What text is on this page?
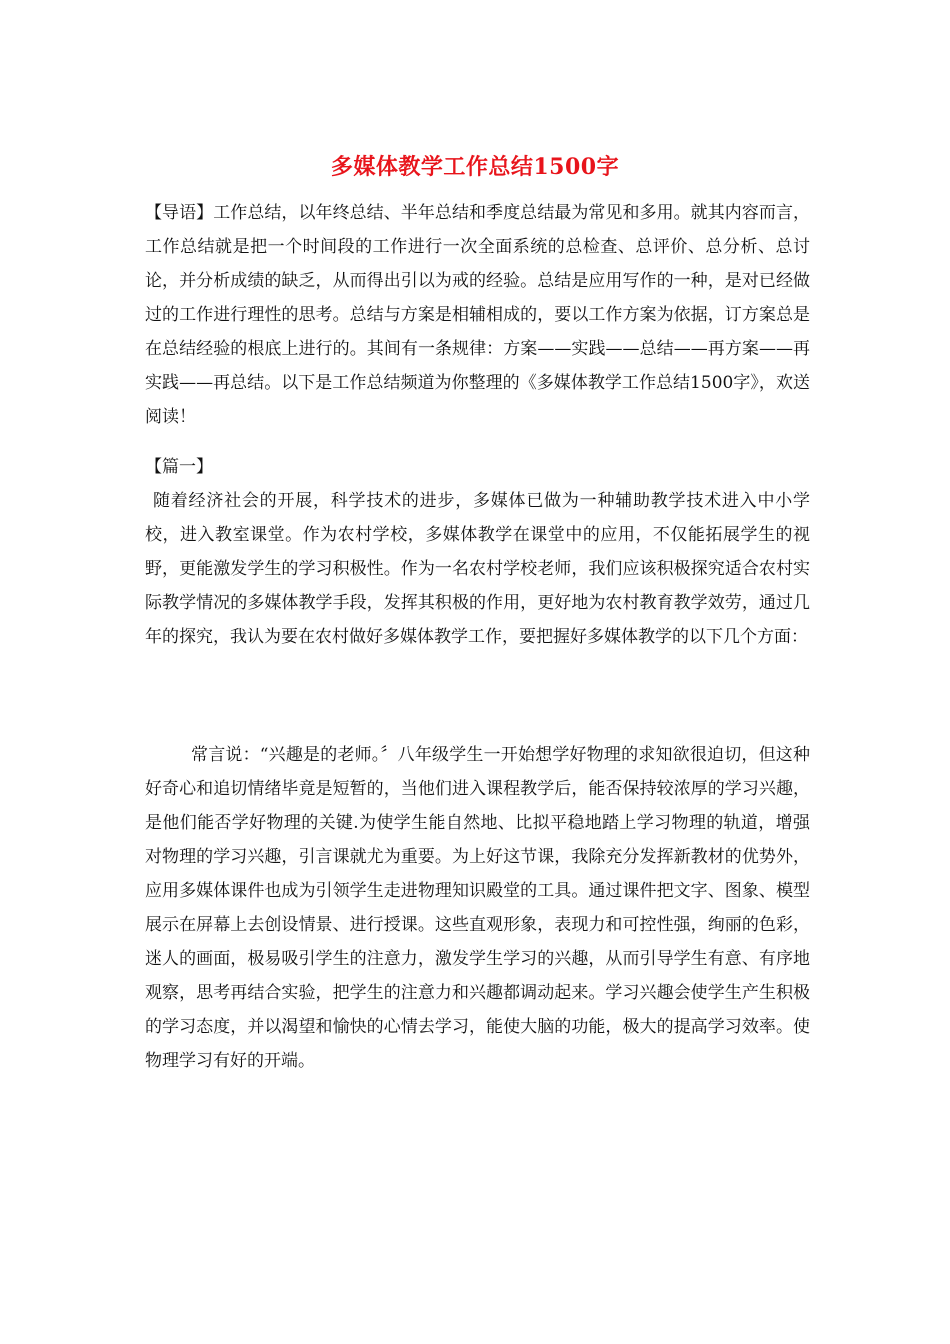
多媒体教学工作总结1500字

【导语】工作总结，以年终总结、半年总结和季度总结最为常见和多用。就其内容而言，工作总结就是把一个时间段的工作进行一次全面系统的总检查、总评价、总分析、总讨论，并分析成绩的缺乏，从而得出引以为戒的经验。总结是应用写作的一种，是对已经做过的工作进行理性的思考。总结与方案是相辅相成的，要以工作方案为依据，订方案总是在总结经验的根底上进行的。其间有一条规律：方案——实践——总结——再方案——再实践——再总结。以下是工作总结频道为你整理的《多媒体教学工作总结1500字》，欢送阅读！

【篇一】

随着经济社会的开展，科学技术的进步，多媒体已做为一种辅助教学技术进入中小学校，进入教室课堂。作为农村学校，多媒体教学在课堂中的应用，不仅能拓展学生的视野，更能激发学生的学习积极性。作为一名农村学校老师，我们应该积极探究适合农村实际教学情况的多媒体教学手段，发挥其积极的作用，更好地为农村教育教学效劳，通过几年的探究，我认为要在农村做好多媒体教学工作，要把握好多媒体教学的以下几个方面：

常言说：“兴趣是的老师。〞八年级学生一开始想学好物理的求知欲很迫切，但这种好奇心和追切情绪毕竟是短暂的，当他们进入课程教学后，能否保持较浓厚的学习兴趣，是他们能否学好物理的关键.为使学生能自然地、比拟平稳地踏上学习物理的轨道，增强对物理的学习兴趣，引言课就尤为重要。为上好这节课，我除充分发挥新教材的优势外，应用多媒体课件也成为引领学生走进物理知识殿堂的工具。通过课件把文字、图象、模型展示在屏幕上去创设情景、进行授课。这些直观形象，表现力和可控性强，绚丽的色彩，迷人的画面，极易吸引学生的注意力，激发学生学习的兴趣，从而引导学生有意、有序地观察，思考再结合实验，把学生的注意力和兴趣都调动起来。学习兴趣会使学生产生积极的学习态度，并以渴望和愉快的心情去学习，能使大脑的功能，极大的提高学习效率。使物理学习有好的开端。
